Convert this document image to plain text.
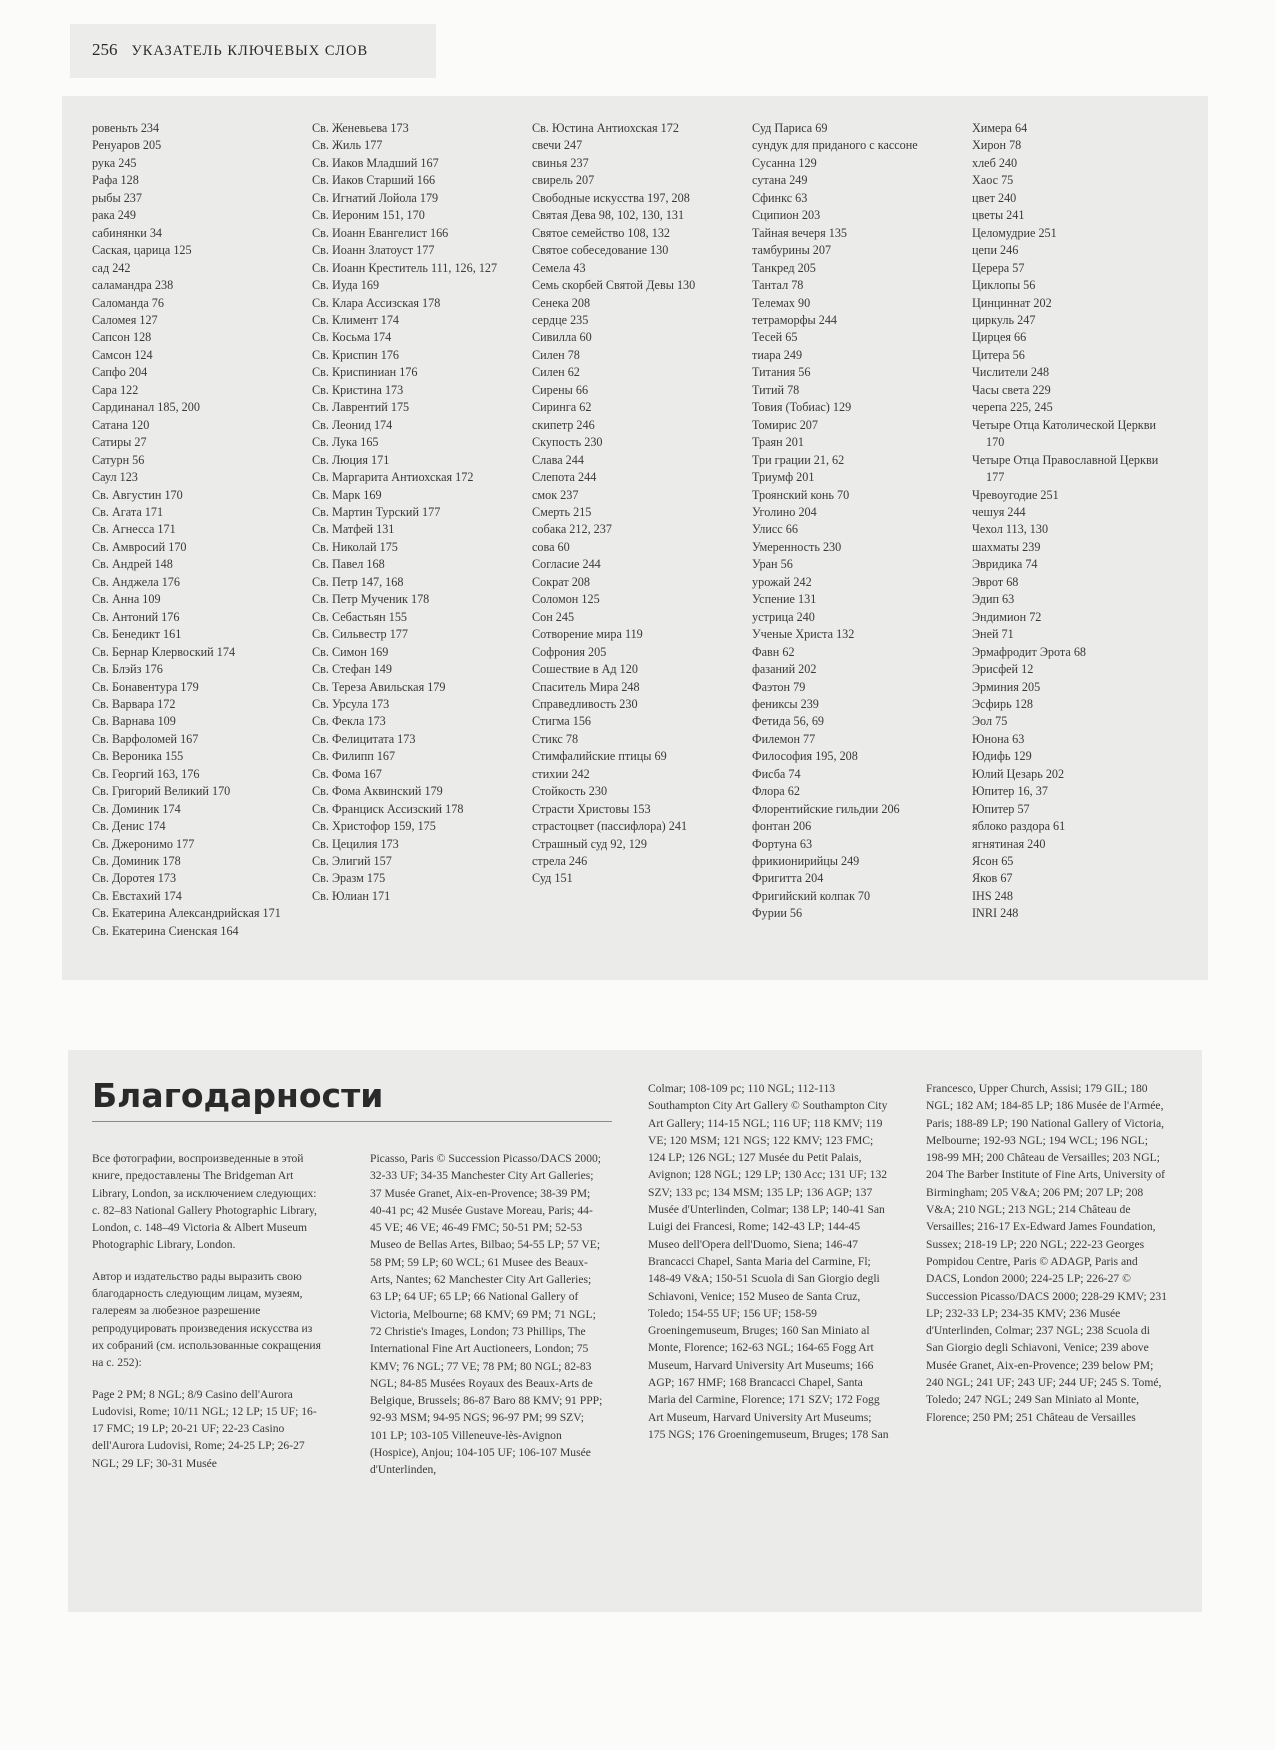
256 УКАЗАТЕЛЬ КЛЮЧЕВЫХ СЛОВ
ровеньть 234
Ренуаров 205
рука 245
Рафа 128
рыбы 237
рака 249
сабинянки 34
Саская, царица 125
сад 242
саламандра 238
Саломанда 76
Саломея 127
Сапсон 128
Самсон 124
Сапфо 204
Сара 122
Сардинанал 185, 200
Сатана 120
Сатиры 27
Сатурн 56
Саул 123
Св. Августин 170
Св. Агата 171
Св. Агнесса 171
Св. Амвросий 170
Св. Андрей 148
Св. Анджела 176
Св. Анна 109
Св. Антоний 176
Св. Бенедикт 161
Св. Бернар Клервоский 174
Св. Блэйз 176
Св. Бонавентура 179
Св. Варвара 172
Св. Варнава 109
Св. Варфоломей 167
Св. Вероника 155
Св. Георгий 163, 176
Св. Григорий Великий 170
Св. Доминик 174
Св. Денис 174
Св. Джеронимо 177
Св. Доминик 178
Св. Доротея 173
Св. Евстахий 174
Св. Екатерина Александрийская 171
Св. Екатерина Сиенская 164
Св. Женевьева 173
Св. Жиль 177
Св. Иаков Младший 167
Св. Иаков Старший 166
Св. Игнатий Лойола 179
Св. Иероним 151, 170
Св. Иоанн Евангелист 166
Св. Иоанн Златоуст 177
Св. Иоанн Креститель 111, 126, 127
Св. Иуда 169
Св. Клара Ассизская 178
Св. Климент 174
Св. Косьма 174
Св. Криспин 176
Св. Криспиниан 176
Св. Кристина 173
Св. Лаврентий 175
Св. Леонид 174
Св. Лука 165
Св. Люция 171
Св. Маргарита Антиохская 172
Св. Марк 169
Св. Мартин Турский 177
Св. Матфей 131
Св. Николай 175
Св. Павел 168
Св. Петр 147, 168
Св. Петр Мученик 178
Св. Себастьян 155
Св. Сильвестр 177
Св. Симон 169
Св. Стефан 149
Св. Тереза Авильская 179
Св. Урсула 173
Св. Фекла 173
Св. Фелицитата 173
Св. Филипп 167
Св. Фома 167
Св. Фома Аквинский 179
Св. Франциск Ассизский 178
Св. Христофор 159, 175
Св. Цецилия 173
Св. Элигий 157
Св. Эразм 175
Св. Юлиан 171
Св. Юстина Антиохская 172
свечи 247
свинья 237
свирель 207
Свободные искусства 197, 208
Святая Дева 98, 102, 130, 131
Святое семейство 108, 132
Святое собеседование 130
Семела 43
Семь скорбей Святой Девы 130
Сенека 208
сердце 235
Сивилла 60
Силен 78
Силен 62
Сирены 66
Сиринга 62
скипетр 246
Скупость 230
Слава 244
Слепота 244
смок 237
Смерть 215
собака 212, 237
сова 60
Согласие 244
Сократ 208
Соломон 125
Сон 245
Сотворение мира 119
Софрония 205
Сошествие в Ад 120
Спаситель Мира 248
Справедливость 230
Стигма 156
Стикс 78
Стимфалийские птицы 69
стихии 242
Стойкость 230
Страсти Христовы 153
страстоцвет (пассифлора) 241
Страшный суд 92, 129
стрела 246
Суд 151
Суд Париса 69
сундук для приданого с кассоне
Сусанна 129
сутана 249
Сфинкс 63
Сципион 203
Тайная вечеря 135
тамбурины 207
Танкред 205
Тантал 78
Телемах 90
тетраморфы 244
Тесей 65
тиара 249
Титания 56
Титий 78
Товия (Тобиас) 129
Томирис 207
Траян 201
Три грации 21, 62
Триумф 201
Троянский конь 70
Уголино 204
Улисс 66
Умеренность 230
Уран 56
урожай 242
Успение 131
устрица 240
Ученые Христа 132
Фавн 62
фазаний 202
Фаэтон 79
фениксы 239
Фетида 56, 69
Филемон 77
Философия 195, 208
Фисба 74
Флора 62
Флорентийские гильдии 206
фонтан 206
Фортуна 63
фрикионирийцы 249
Фригитта 204
Фригийский колпак 70
Фурии 56
Химера 64
Хирон 78
хлеб 240
Хаос 75
цвет 240
цветы 241
Целомудрие 251
цепи 246
Церера 57
Циклопы 56
Цинциннат 202
циркуль 247
Цирцея 66
Цитера 56
Числители 248
Часы света 229
черепа 225, 245
Четыре Отца Католической Церкви 170
Четыре Отца Православной Церкви 177
Чревоугодие 251
чешуя 244
Чехол 113, 130
шахматы 239
Эвридика 74
Эврот 68
Эдип 63
Эндимион 72
Эней 71
Эрмафродит Эрота 68
Эрисфей 12
Эрминия 205
Эсфирь 128
Эол 75
Юнона 63
Юдифь 129
Юлий Цезарь 202
Юпитер 16, 37
Юпитер 57
яблоко раздора 61
ягнятиная 240
Ясон 65
Яков 67
IHS 248
INRI 248
Благодарности

Все фотографии, воспроизведенные в этой книге, предоставлены The Bridgeman Art Library, London, за исключением следующих: с. 82–83 National Gallery Photographic Library, London, с. 148–49 Victoria & Albert Museum Photographic Library, London.

Автор и издательство рады выразить свою благодарность следующим лицам, музеям, галереям за любезное разрешение репродуцировать произведения искусства из их собраний (см. использованные сокращения на с. 252):

Page 2 PM; 8 NGL; 8/9 Casino dell'Aurora Ludovisi, Rome; 10/11 NGL; 12 LP; 15 UF; 16-17 FMC; 19 LP; 20-21 UF; 22-23 Casino dell'Aurora Ludovisi, Rome; 24-25 LP; 26-27 NGL; 29 LF; 30-31 Musée

Picasso, Paris © Succession Picasso/DACS 2000; 32-33 UF; 34-35 Manchester City Art Galleries; 37 Musée Granet, Aix-en-Provence; 38-39 PM; 40-41 pc; 42 Musée Gustave Moreau, Paris; 44-45 VE; 46 VE; 46-49 FMC; 50-51 PM; 52-53 Museo de Bellas Artes, Bilbao; 54-55 LP; 57 VE; 58 PM; 59 LP; 60 WCL; 61 Musee des Beaux-Arts, Nantes; 62 Manchester City Art Galleries; 63 LP; 64 UF; 65 LP; 66 National Gallery of Victoria, Melbourne; 68 KMV; 69 PM; 71 NGL; 72 Christie's Images, London; 73 Phillips, The International Fine Art Auctioneers, London; 75 KMV; 76 NGL; 77 VE; 78 PM; 80 NGL; 82-83 NGL; 84-85 Musées Royaux des Beaux-Arts de Belgique, Brussels; 86-87 Baro 88 KMV; 91 PPP; 92-93 MSM; 94-95 NGS; 96-97 PM; 99 SZV; 101 LP; 103-105 Villeneuve-lès-Avignon (Hospice), Anjou; 104-105 UF; 106-107 Musée d'Unterlinden,

Colmar; 108-109 pc; 110 NGL; 112-113 Southampton City Art Gallery © Southampton City Art Gallery; 114-15 NGL; 116 UF; 118 KMV; 119 VE; 120 MSM; 121 NGS; 122 KMV; 123 FMC; 124 LP; 126 NGL; 127 Musée du Petit Palais, Avignon; 128 NGL; 129 LP; 130 Acc; 131 UF; 132 SZV; 133 pc; 134 MSM; 135 LP; 136 AGP; 137 Musée d'Unterlinden, Colmar; 138 LP; 140-41 San Luigi dei Francesi, Rome; 142-43 LP; 144-45 Museo dell'Opera dell'Duomo, Siena; 146-47 Brancacci Chapel, Santa Maria del Carmine, Fl; 148-49 V&A; 150-51 Scuola di San Giorgio degli Schiavoni, Venice; 152 Museo de Santa Cruz, Toledo; 154-55 UF; 156 UF; 158-59 Groeningemuseum, Bruges; 160 San Miniato al Monte, Florence; 162-63 NGL; 164-65 Fogg Art Museum, Harvard University Art Museums; 166 AGP; 167 HMF; 168 Brancacci Chapel, Santa Maria del Carmine, Florence; 171 SZV; 172 Fogg Art Museum, Harvard University Art Museums; 175 NGS; 176 Groeningemuseum, Bruges; 178 San

Francesco, Upper Church, Assisi; 179 GIL; 180 NGL; 182 AM; 184-85 LP; 186 Musée de l'Armée, Paris; 188-89 LP; 190 National Gallery of Victoria, Melbourne; 192-93 NGL; 194 WCL; 196 NGL; 198-99 MH; 200 Château de Versailles; 203 NGL; 204 The Barber Institute of Fine Arts, University of Birmingham; 205 V&A; 206 PM; 207 LP; 208 V&A; 210 NGL; 213 NGL; 214 Château de Versailles; 216-17 Ex-Edward James Foundation, Sussex; 218-19 LP; 220 NGL; 222-23 Georges Pompidou Centre, Paris © ADAGP, Paris and DACS, London 2000; 224-25 LP; 226-27 © Succession Picasso/DACS 2000; 228-29 KMV; 231 LP; 232-33 LP; 234-35 KMV; 236 Musée d'Unterlinden, Colmar; 237 NGL; 238 Scuola di San Giorgio degli Schiavoni, Venice; 239 above Musée Granet, Aix-en-Provence; 239 below PM; 240 NGL; 241 UF; 243 UF; 244 UF; 245 S. Tomé, Toledo; 247 NGL; 249 San Miniato al Monte, Florence; 250 PM; 251 Château de Versailles
